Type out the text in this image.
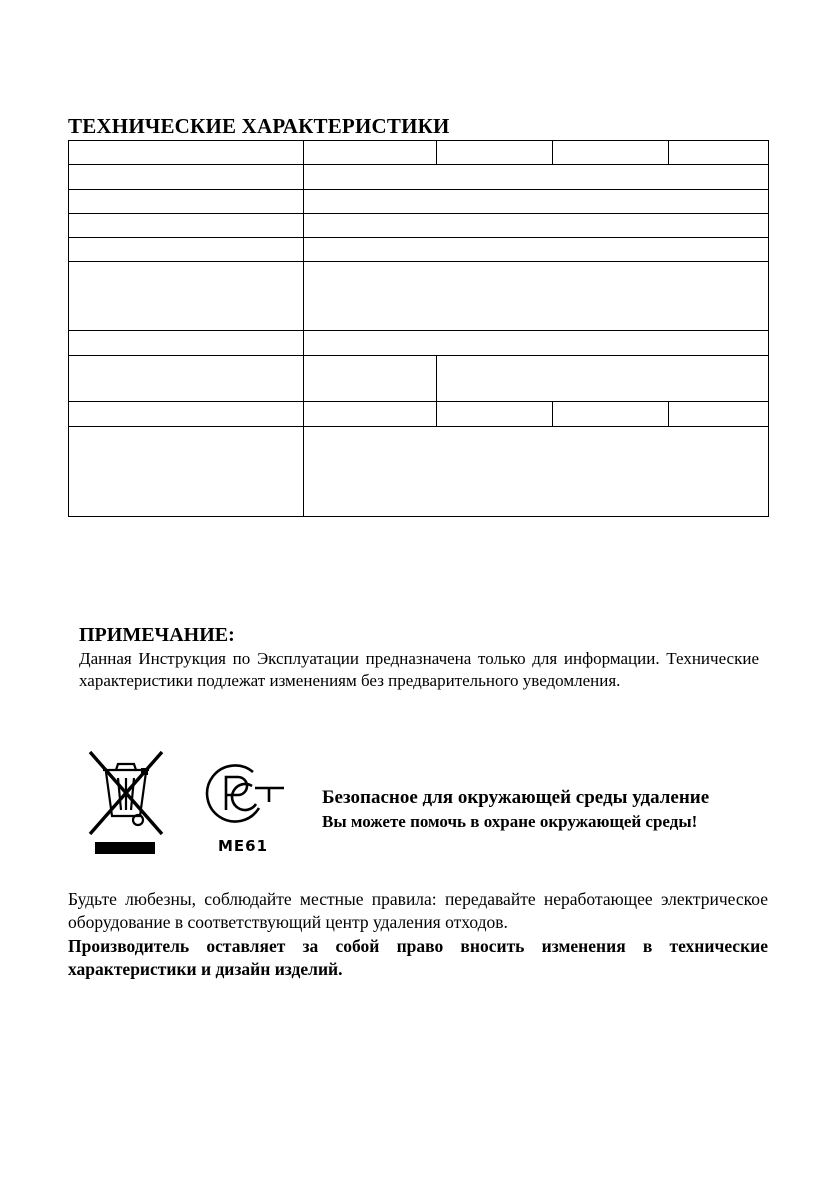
ТЕХНИЧЕСКИЕ ХАРАКТЕРИСТИКИ

ПРИМЕЧАНИЕ:

Данная Инструкция по Эксплуатации предназначена только для информации. Технические характеристики подлежат изменениям без предварительного уведомления.

ME61

Безопасное для окружающей среды удаление

Вы можете помочь в охране окружающей среды!

Будьте любезны, соблюдайте местные правила: передавайте неработающее электрическое оборудование в соответствующий центр удаления отходов.

Производитель оставляет за собой право вносить изменения в технические характеристики и дизайн изделий.
